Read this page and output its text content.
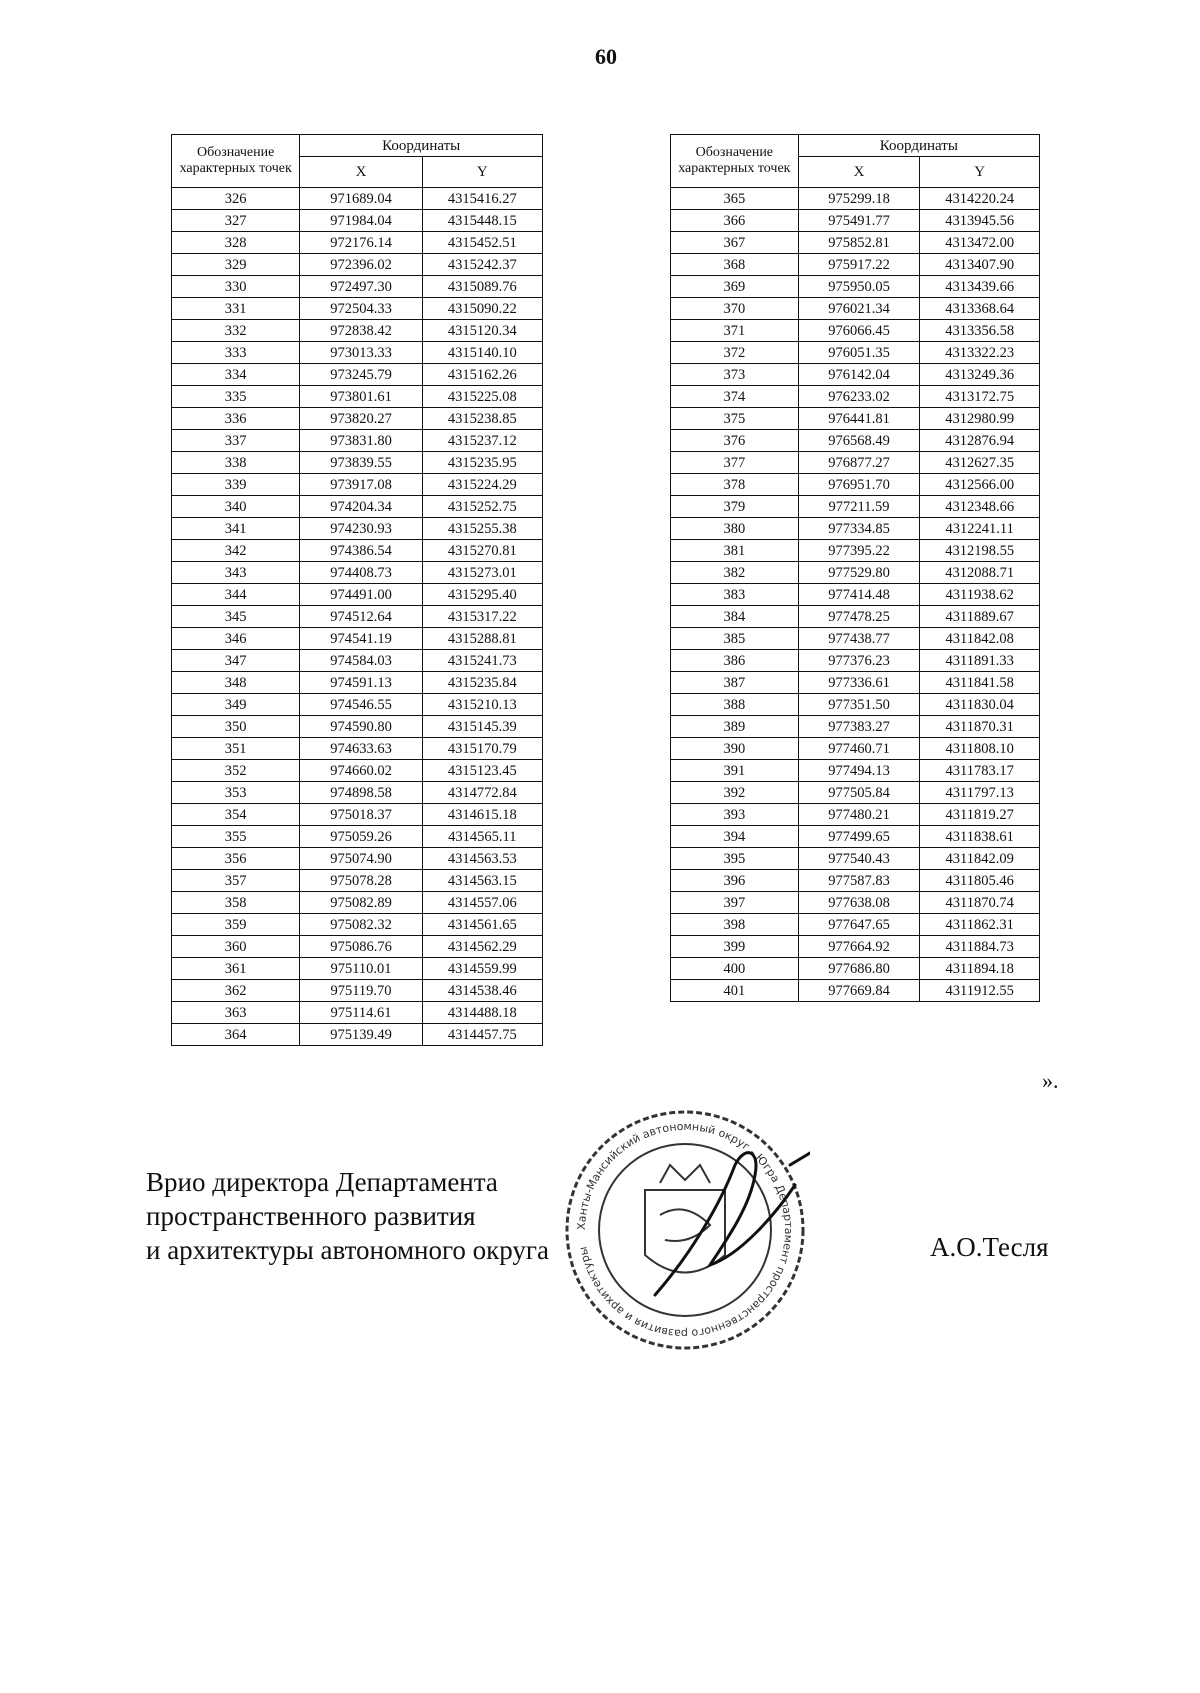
60
Обозначение характерных точек	Координаты	
	X	Y
326	971689.04	4315416.27
327	971984.04	4315448.15
328	972176.14	4315452.51
329	972396.02	4315242.37
330	972497.30	4315089.76
331	972504.33	4315090.22
332	972838.42	4315120.34
333	973013.33	4315140.10
334	973245.79	4315162.26
335	973801.61	4315225.08
336	973820.27	4315238.85
337	973831.80	4315237.12
338	973839.55	4315235.95
339	973917.08	4315224.29
340	974204.34	4315252.75
341	974230.93	4315255.38
342	974386.54	4315270.81
343	974408.73	4315273.01
344	974491.00	4315295.40
345	974512.64	4315317.22
346	974541.19	4315288.81
347	974584.03	4315241.73
348	974591.13	4315235.84
349	974546.55	4315210.13
350	974590.80	4315145.39
351	974633.63	4315170.79
352	974660.02	4315123.45
353	974898.58	4314772.84
354	975018.37	4314615.18
355	975059.26	4314565.11
356	975074.90	4314563.53
357	975078.28	4314563.15
358	975082.89	4314557.06
359	975082.32	4314561.65
360	975086.76	4314562.29
361	975110.01	4314559.99
362	975119.70	4314538.46
363	975114.61	4314488.18
364	975139.49	4314457.75
Обозначение характерных точек	Координаты	
	X	Y
365	975299.18	4314220.24
366	975491.77	4313945.56
367	975852.81	4313472.00
368	975917.22	4313407.90
369	975950.05	4313439.66
370	976021.34	4313368.64
371	976066.45	4313356.58
372	976051.35	4313322.23
373	976142.04	4313249.36
374	976233.02	4313172.75
375	976441.81	4312980.99
376	976568.49	4312876.94
377	976877.27	4312627.35
378	976951.70	4312566.00
379	977211.59	4312348.66
380	977334.85	4312241.11
381	977395.22	4312198.55
382	977529.80	4312088.71
383	977414.48	4311938.62
384	977478.25	4311889.67
385	977438.77	4311842.08
386	977376.23	4311891.33
387	977336.61	4311841.58
388	977351.50	4311830.04
389	977383.27	4311870.31
390	977460.71	4311808.10
391	977494.13	4311783.17
392	977505.84	4311797.13
393	977480.21	4311819.27
394	977499.65	4311838.61
395	977540.43	4311842.09
396	977587.83	4311805.46
397	977638.08	4311870.74
398	977647.65	4311862.31
399	977664.92	4311884.73
400	977686.80	4311894.18
401	977669.84	4311912.55
».
Врио директора Департамента
пространственного развития
и архитектуры автономного округа
Ханты-Мансийский автономный округ - Югра Департамент пространственного развития и архитектуры	А.О.Тесля
